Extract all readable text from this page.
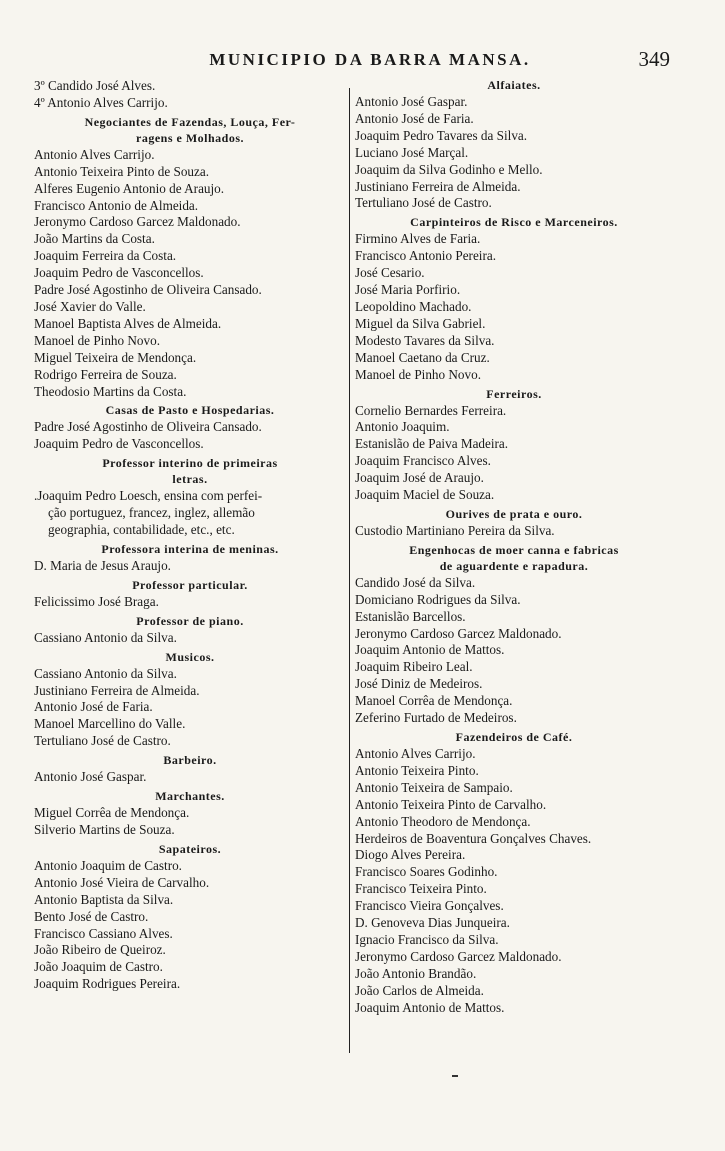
MUNICIPIO DA BARRA MANSA.	349
3º Candido José Alves.
4º Antonio Alves Carrijo.
Negociantes de Fazendas, Louça, Fer-
ragens e Molhados.
Antonio Alves Carrijo.
Antonio Teixeira Pinto de Souza.
Alferes Eugenio Antonio de Araujo.
Francisco Antonio de Almeida.
Jeronymo Cardoso Garcez Maldonado.
João Martins da Costa.
Joaquim Ferreira da Costa.
Joaquim Pedro de Vasconcellos.
Padre José Agostinho de Oliveira Cansado.
José Xavier do Valle.
Manoel Baptista Alves de Almeida.
Manoel de Pinho Novo.
Miguel Teixeira de Mendonça.
Rodrigo Ferreira de Souza.
Theodosio Martins da Costa.
Casas de Pasto e Hospedarias.
Padre José Agostinho de Oliveira Cansado.
Joaquim Pedro de Vasconcellos.
Professor interino de primeiras
letras.
.Joaquim Pedro Loesch, ensina com perfei-
ção portuguez, francez, inglez, allemão
geographia, contabilidade, etc., etc.
Professora interina de meninas.
D. Maria de Jesus Araujo.
Professor particular.
Felicissimo José Braga.
Professor de piano.
Cassiano Antonio da Silva.
Musicos.
Cassiano Antonio da Silva.
Justiniano Ferreira de Almeida.
Antonio José de Faria.
Manoel Marcellino do Valle.
Tertuliano José de Castro.
Barbeiro.
Antonio José Gaspar.
Marchantes.
Miguel Corrêa de Mendonça.
Silverio Martins de Souza.
Sapateiros.
Antonio Joaquim de Castro.
Antonio José Vieira de Carvalho.
Antonio Baptista da Silva.
Bento José de Castro.
Francisco Cassiano Alves.
João Ribeiro de Queiroz.
João Joaquim de Castro.
Joaquim Rodrigues Pereira.
Alfaiates.
Antonio José Gaspar.
Antonio José de Faria.
Joaquim Pedro Tavares da Silva.
Luciano José Marçal.
Joaquim da Silva Godinho e Mello.
Justiniano Ferreira de Almeida.
Tertuliano José de Castro.
Carpinteiros de Risco e Marceneiros.
Firmino Alves de Faria.
Francisco Antonio Pereira.
José Cesario.
José Maria Porfirio.
Leopoldino Machado.
Miguel da Silva Gabriel.
Modesto Tavares da Silva.
Manoel Caetano da Cruz.
Manoel de Pinho Novo.
Ferreiros.
Cornelio Bernardes Ferreira.
Antonio Joaquim.
Estanislão de Paiva Madeira.
Joaquim Francisco Alves.
Joaquim José de Araujo.
Joaquim Maciel de Souza.
Ourives de prata e ouro.
Custodio Martiniano Pereira da Silva.
Engenhocas de moer canna e fabricas
de aguardente e rapadura.
Candido José da Silva.
Domiciano Rodrigues da Silva.
Estanislão Barcellos.
Jeronymo Cardoso Garcez Maldonado.
Joaquim Antonio de Mattos.
Joaquim Ribeiro Leal.
José Diniz de Medeiros.
Manoel Corrêa de Mendonça.
Zeferino Furtado de Medeiros.
Fazendeiros de Café.
Antonio Alves Carrijo.
Antonio Teixeira Pinto.
Antonio Teixeira de Sampaio.
Antonio Teixeira Pinto de Carvalho.
Antonio Theodoro de Mendonça.
Herdeiros de Boaventura Gonçalves Chaves.
Diogo Alves Pereira.
Francisco Soares Godinho.
Francisco Teixeira Pinto.
Francisco Vieira Gonçalves.
D. Genoveva Dias Junqueira.
Ignacio Francisco da Silva.
Jeronymo Cardoso Garcez Maldonado.
João Antonio Brandão.
João Carlos de Almeida.
Joaquim Antonio de Mattos.
